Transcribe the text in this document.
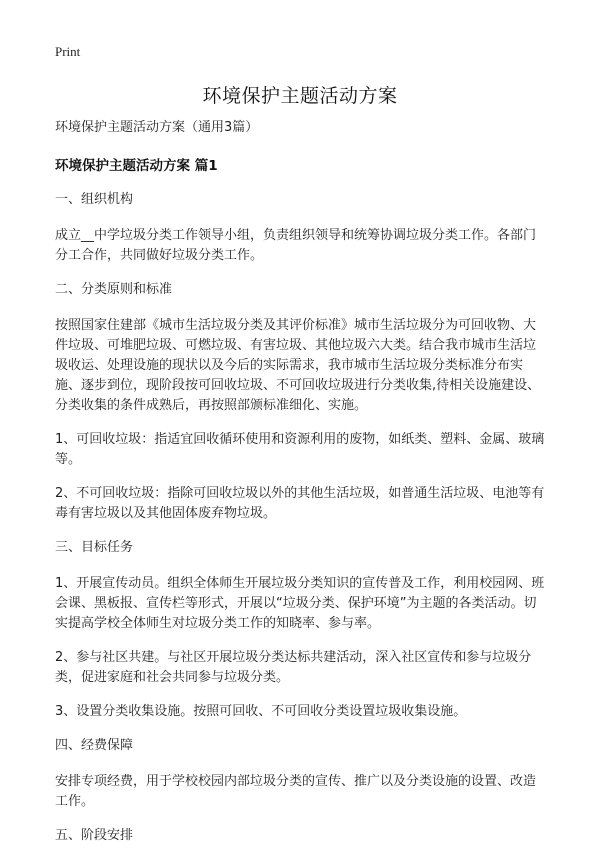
Print
环境保护主题活动方案

环境保护主题活动方案（通用3篇）

环境保护主题活动方案 篇1

一、组织机构

成立__中学垃圾分类工作领导小组，负责组织领导和统筹协调垃圾分类工作。各部门分工合作，共同做好垃圾分类工作。

二、分类原则和标准

按照国家住建部《城市生活垃圾分类及其评价标准》城市生活垃圾分为可回收物、大件垃圾、可堆肥垃圾、可燃垃圾、有害垃圾、其他垃圾六大类。结合我市城市生活垃圾收运、处理设施的现状以及今后的实际需求，我市城市生活垃圾分类标准分布实施、逐步到位，现阶段按可回收垃圾、不可回收垃圾进行分类收集,待相关设施建设、分类收集的条件成熟后，再按照部颁标准细化、实施。

1、可回收垃圾：指适宜回收循环使用和资源利用的废物，如纸类、塑料、金属、玻璃等。

2、不可回收垃圾：指除可回收垃圾以外的其他生活垃圾，如普通生活垃圾、电池等有毒有害垃圾以及其他固体废弃物垃圾。

三、目标任务

1、开展宣传动员。组织全体师生开展垃圾分类知识的宣传普及工作，利用校园网、班会课、黑板报、宣传栏等形式，开展以“垃圾分类、保护环境”为主题的各类活动。切实提高学校全体师生对垃圾分类工作的知晓率、参与率。

2、参与社区共建。与社区开展垃圾分类达标共建活动，深入社区宣传和参与垃圾分类，促进家庭和社会共同参与垃圾分类。

3、设置分类收集设施。按照可回收、不可回收分类设置垃圾收集设施。

四、经费保障

安排专项经费，用于学校校园内部垃圾分类的宣传、推广以及分类设施的设置、改造工作。

五、阶段安排
